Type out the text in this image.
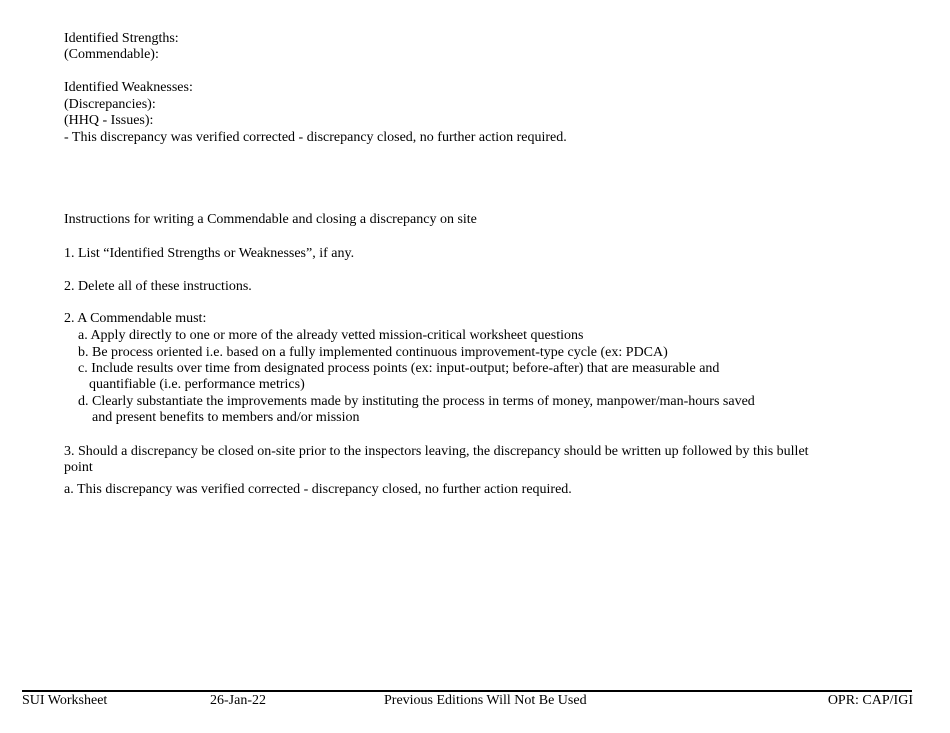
Identified Strengths:
(Commendable):
Identified Weaknesses:
(Discrepancies):
(HHQ - Issues):
- This discrepancy was verified corrected - discrepancy closed, no further action required.
Instructions for writing a Commendable and closing a discrepancy on site
1. List “Identified Strengths or Weaknesses”, if any.
2. Delete all of these instructions.
2. A Commendable must:
a. Apply directly to one or more of the already vetted mission-critical worksheet questions
b. Be process oriented i.e. based on a fully implemented continuous improvement-type cycle (ex: PDCA)
c. Include results over time from designated process points (ex: input-output; before-after) that are measurable and
quantifiable (i.e. performance metrics)
d. Clearly substantiate the improvements made by instituting the process in terms of money, manpower/man-hours saved
and present benefits to members and/or mission
3. Should a discrepancy be closed on-site prior to the inspectors leaving, the discrepancy should be written up followed by this bullet
point
a. This discrepancy was verified corrected - discrepancy closed, no further action required.
SUI Worksheet	26-Jan-22	Previous Editions Will Not Be Used	OPR: CAP/IGI
